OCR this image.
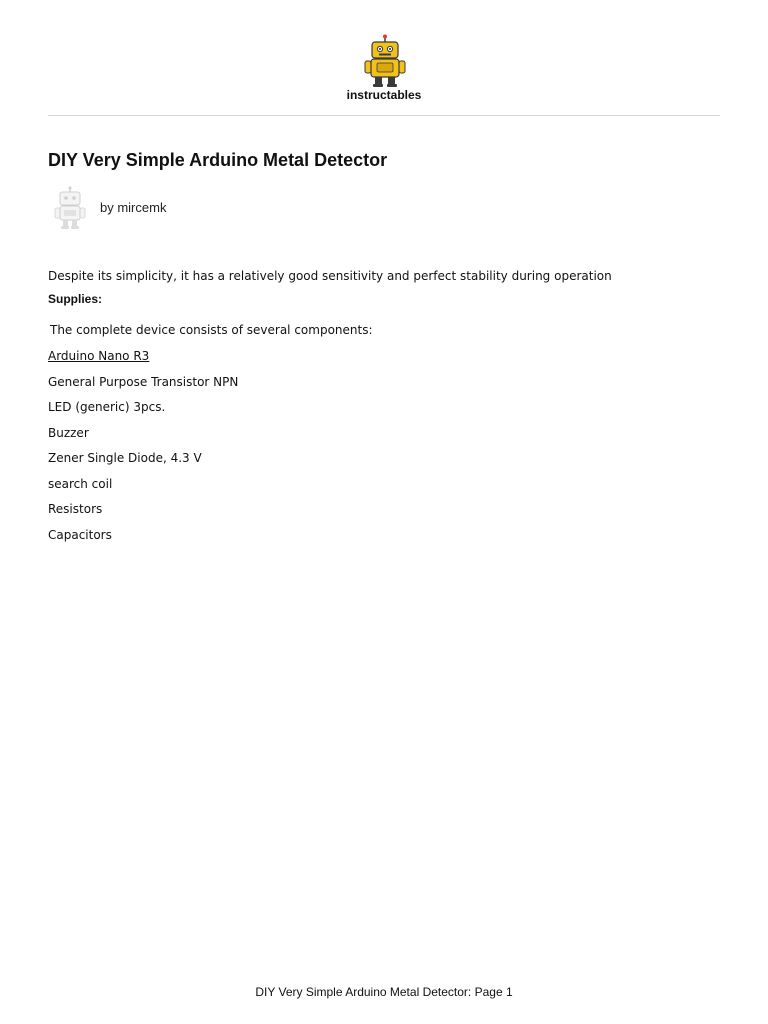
instructables
DIY Very Simple Arduino Metal Detector
by mircemk
Despite its simplicity, it has a relatively good sensitivity and perfect stability during operation
Supplies:
The complete device consists of several components:
Arduino Nano R3
General Purpose Transistor NPN
LED (generic) 3pcs.
Buzzer
Zener Single Diode, 4.3 V
search coil
Resistors
Capacitors
DIY Very Simple Arduino Metal Detector: Page 1
